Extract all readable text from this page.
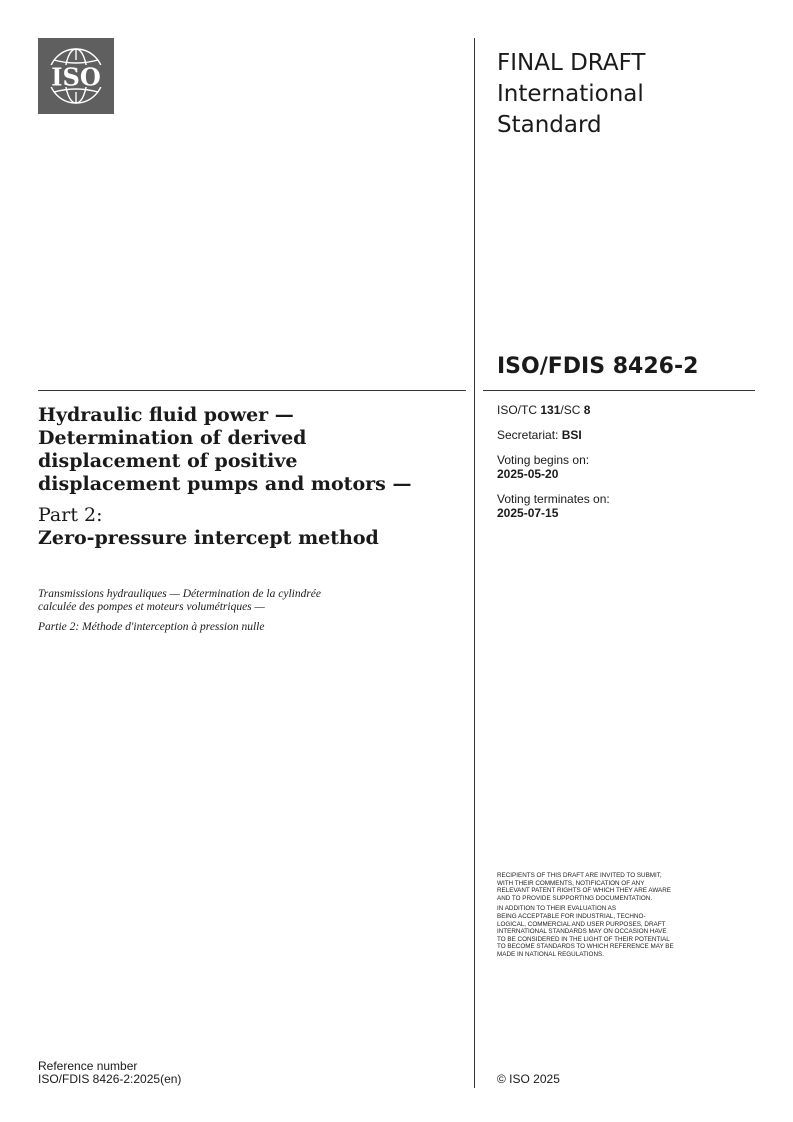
ISO	FINAL DRAFT
International
Standard
ISO/FDIS 8426-2
Hydraulic fluid power —
Determination of derived
displacement of positive
displacement pumps and motors —
Part 2:
Zero-pressure intercept method

Transmissions hydrauliques — Détermination de la cylindrée
calculée des pompes et moteurs volumétriques —

Partie 2: Méthode d'interception à pression nulle

ISO/TC 131/SC 8
Secretariat: BSI
Voting begins on:
2025-05-20
Voting terminates on:
2025-07-15

RECIPIENTS OF THIS DRAFT ARE INVITED TO SUBMIT,
WITH THEIR COMMENTS, NOTIFICATION OF ANY
RELEVANT PATENT RIGHTS OF WHICH THEY ARE AWARE
AND TO PROVIDE SUPPORTING DOCUMENTATION.

IN ADDITION TO THEIR EVALUATION AS
BEING ACCEPTABLE FOR INDUSTRIAL, TECHNO-
LOGICAL, COMMERCIAL AND USER PURPOSES, DRAFT
INTERNATIONAL STANDARDS MAY ON OCCASION HAVE
TO BE CONSIDERED IN THE LIGHT OF THEIR POTENTIAL
TO BECOME STANDARDS TO WHICH REFERENCE MAY BE
MADE IN NATIONAL REGULATIONS.

Reference number
ISO/FDIS 8426-2:2025(en)	© ISO 2025
